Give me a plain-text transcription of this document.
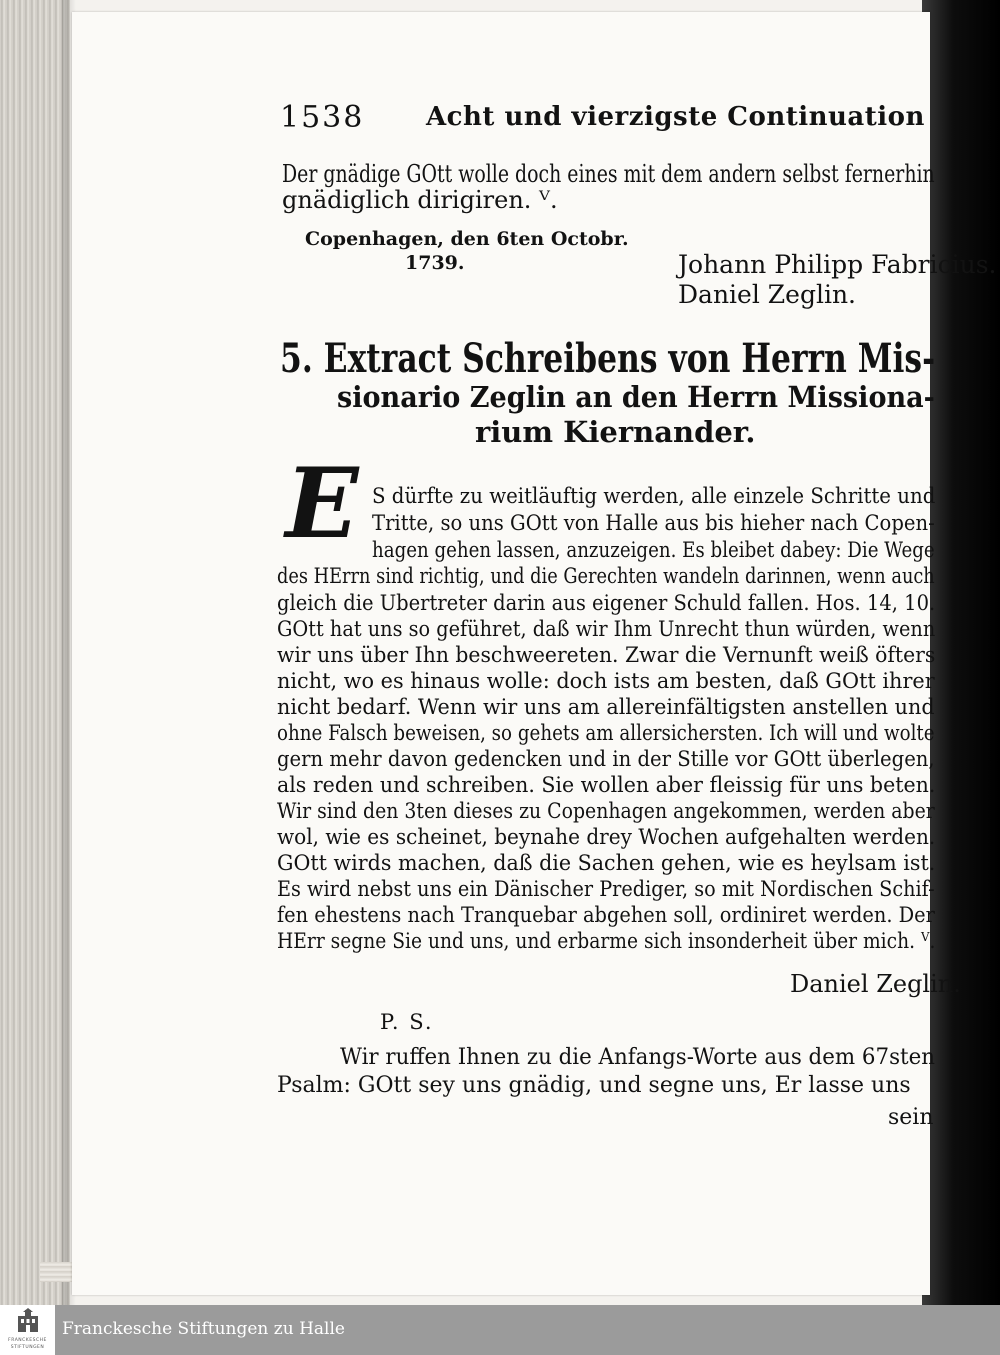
1538 Acht und vierzigste Continuation
Der gnädige GOtt wolle doch eines mit dem andern selbst fernerhin
gnädiglich dirigiren. ⱽ.
Copenhagen, den 6ten Octobr.
1739.	Johann Philipp Fabricius.
Daniel Zeglin.
5. Extract Schreibens von Herrn Mis-
sionario Zeglin an den Herrn Missiona-
rium Kiernander.
E S dürfte zu weitläuftig werden, alle einzele Schritte und
Tritte, so uns GOtt von Halle aus bis hieher nach Copen-
hagen gehen lassen, anzuzeigen. Es bleibet dabey: Die Wege
des HErrn sind richtig, und die Gerechten wandeln darinnen, wenn auch
gleich die Ubertreter darin aus eigener Schuld fallen. Hos. 14, 10.
GOtt hat uns so geführet, daß wir Ihm Unrecht thun würden, wenn
wir uns über Ihn beschweereten. Zwar die Vernunft weiß öfters
nicht, wo es hinaus wolle: doch ists am besten, daß GOtt ihrer
nicht bedarf. Wenn wir uns am allereinfältigsten anstellen und
ohne Falsch beweisen, so gehets am allersichersten. Ich will und wolte
gern mehr davon gedencken und in der Stille vor GOtt überlegen,
als reden und schreiben. Sie wollen aber fleissig für uns beten.
Wir sind den 3ten dieses zu Copenhagen angekommen, werden aber
wol, wie es scheinet, beynahe drey Wochen aufgehalten werden.
GOtt wirds machen, daß die Sachen gehen, wie es heylsam ist.
Es wird nebst uns ein Dänischer Prediger, so mit Nordischen Schif-
fen ehestens nach Tranquebar abgehen soll, ordiniret werden. Der
HErr segne Sie und uns, und erbarme sich insonderheit über mich. ⱽ.
Daniel Zeglin.
P. S.
Wir ruffen Ihnen zu die Anfangs-Worte aus dem 67sten
Psalm: GOtt sey uns gnädig, und segne uns, Er lasse uns
sein
FRANCKESCHE
STIFTUNGEN
Franckesche Stiftungen zu Halle
